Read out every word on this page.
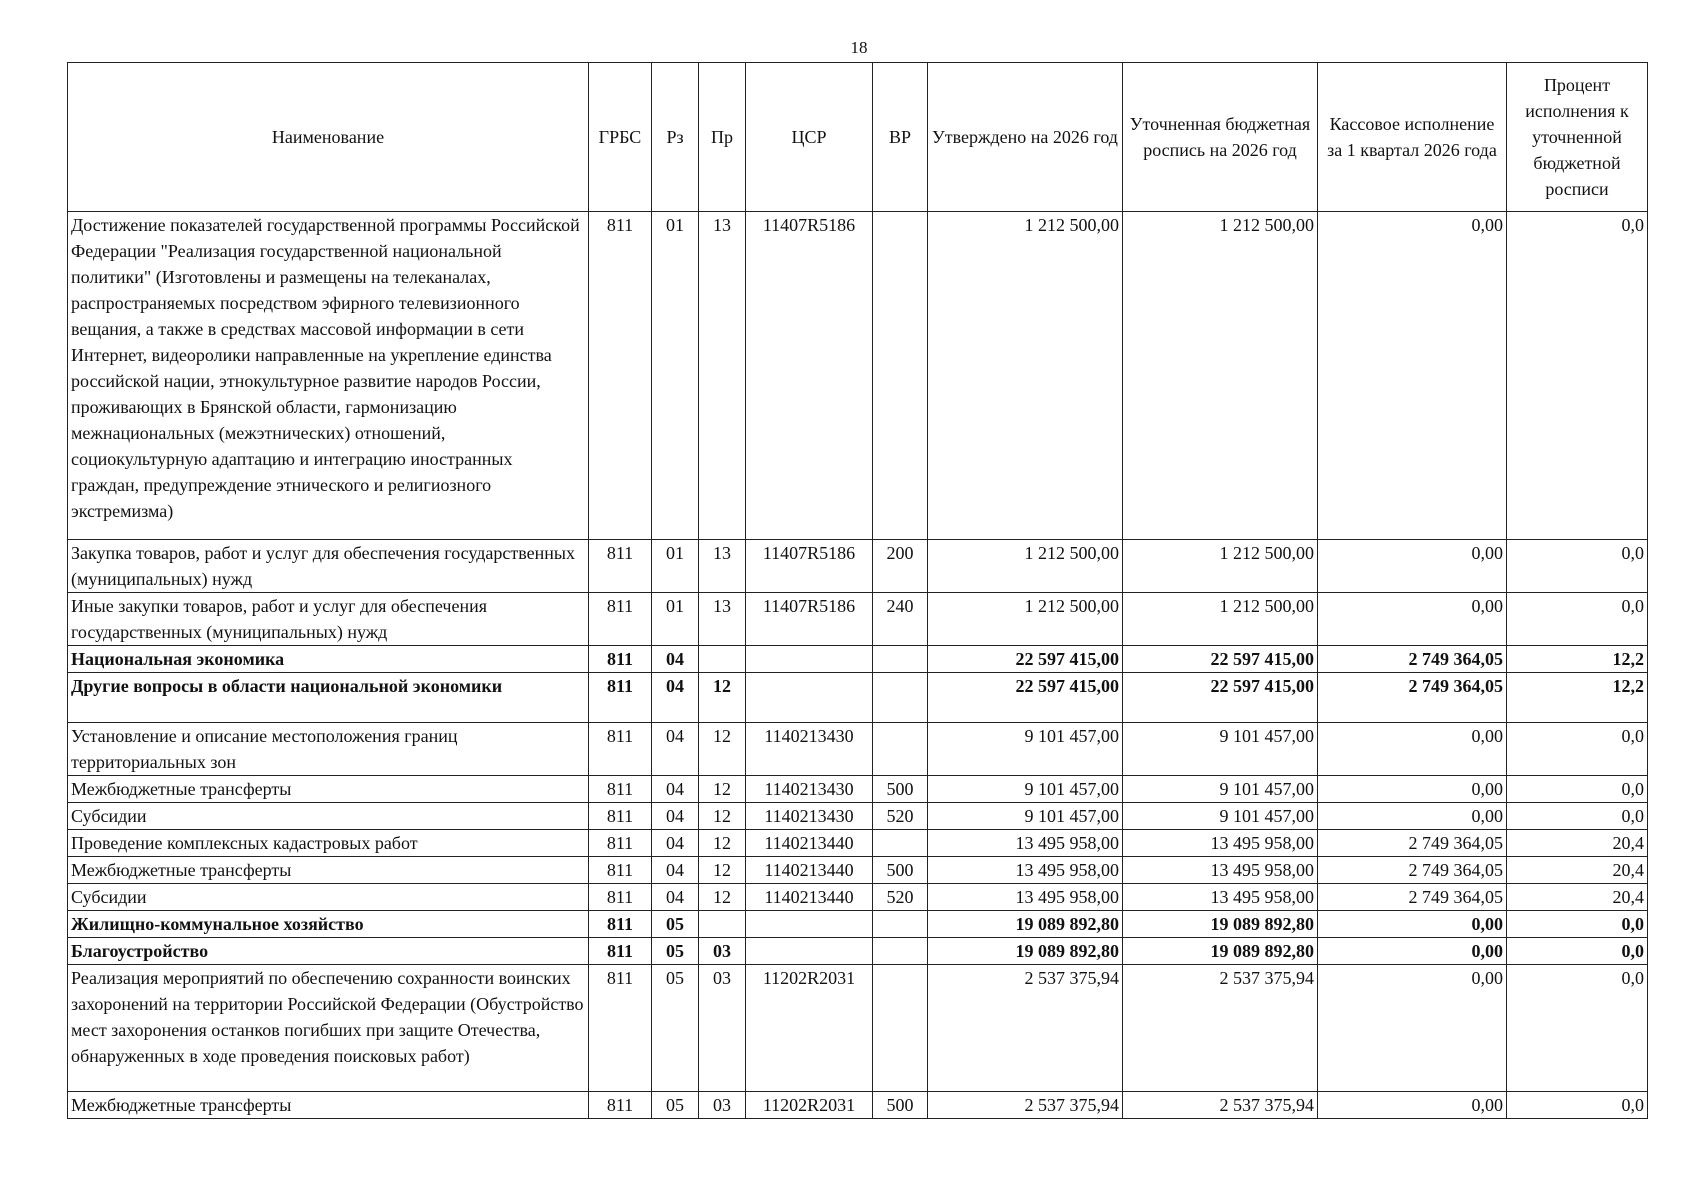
18
Наименование	ГРБС	Рз	Пр	ЦСР	ВР	Утверждено на 2026 год	Уточненная бюджетная роспись на 2026 год	Кассовое исполнение за 1 квартал 2026 года	Процент исполнения к уточненной бюджетной росписи
Достижение показателей государственной программы Российской Федерации "Реализация государственной национальной политики" (Изготовлены и размещены на телеканалах, распространяемых посредством эфирного телевизионного вещания, а также в средствах массовой информации в сети Интернет, видеоролики направленные на укрепление единства российской нации, этнокультурное развитие народов России, проживающих в Брянской области, гармонизацию межнациональных (межэтнических) отношений, социокультурную адаптацию и интеграцию иностранных граждан, предупреждение этнического и религиозного экстремизма)	811	01	13	11407R5186		1 212 500,00	1 212 500,00	0,00	0,0
Закупка товаров, работ и услуг для обеспечения государственных (муниципальных) нужд	811	01	13	11407R5186	200	1 212 500,00	1 212 500,00	0,00	0,0
Иные закупки товаров, работ и услуг для обеспечения государственных (муниципальных) нужд	811	01	13	11407R5186	240	1 212 500,00	1 212 500,00	0,00	0,0
Национальная экономика	811	04				22 597 415,00	22 597 415,00	2 749 364,05	12,2
Другие вопросы в области национальной экономики	811	04	12			22 597 415,00	22 597 415,00	2 749 364,05	12,2
Установление и описание местоположения границ территориальных зон	811	04	12	1140213430		9 101 457,00	9 101 457,00	0,00	0,0
Межбюджетные трансферты	811	04	12	1140213430	500	9 101 457,00	9 101 457,00	0,00	0,0
Субсидии	811	04	12	1140213430	520	9 101 457,00	9 101 457,00	0,00	0,0
Проведение комплексных кадастровых работ	811	04	12	1140213440		13 495 958,00	13 495 958,00	2 749 364,05	20,4
Межбюджетные трансферты	811	04	12	1140213440	500	13 495 958,00	13 495 958,00	2 749 364,05	20,4
Субсидии	811	04	12	1140213440	520	13 495 958,00	13 495 958,00	2 749 364,05	20,4
Жилищно-коммунальное хозяйство	811	05				19 089 892,80	19 089 892,80	0,00	0,0
Благоустройство	811	05	03			19 089 892,80	19 089 892,80	0,00	0,0
Реализация мероприятий по обеспечению сохранности воинских захоронений на территории Российской Федерации (Обустройство мест захоронения останков погибших при защите Отечества, обнаруженных в ходе проведения поисковых работ)	811	05	03	11202R2031		2 537 375,94	2 537 375,94	0,00	0,0
Межбюджетные трансферты	811	05	03	11202R2031	500	2 537 375,94	2 537 375,94	0,00	0,0
